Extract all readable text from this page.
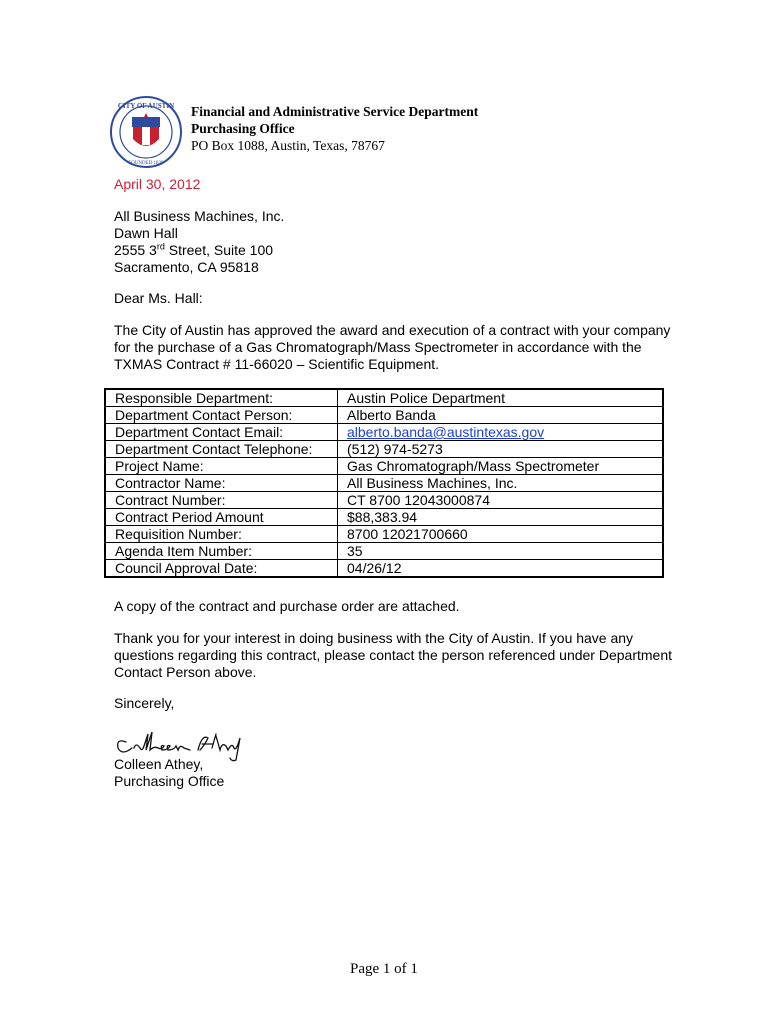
CITY OF AUSTIN
FOUNDED 1839
Financial and Administrative Service Department
Purchasing Office
PO Box 1088, Austin, Texas, 78767
April 30, 2012
All Business Machines, Inc.
Dawn Hall
2555 3rd Street, Suite 100
Sacramento, CA 95818
Dear Ms. Hall:
The City of Austin has approved the award and execution of a contract with your company for the purchase of a Gas Chromatograph/Mass Spectrometer in accordance with the TXMAS Contract # 11-66020 – Scientific Equipment.
Responsible Department:	Austin Police Department
Department Contact Person:	Alberto Banda
Department Contact Email:	alberto.banda@austintexas.gov
Department Contact Telephone:	(512) 974-5273
Project Name:	Gas Chromatograph/Mass Spectrometer
Contractor Name:	All Business Machines, Inc.
Contract Number:	CT 8700 12043000874
Contract Period Amount	$88,383.94
Requisition Number:	8700 12021700660
Agenda Item Number:	35
Council Approval Date:	04/26/12
A copy of the contract and purchase order are attached.
Thank you for your interest in doing business with the City of Austin. If you have any questions regarding this contract, please contact the person referenced under Department Contact Person above.
Sincerely,
Colleen Athey,
Purchasing Office
Page 1 of 1
